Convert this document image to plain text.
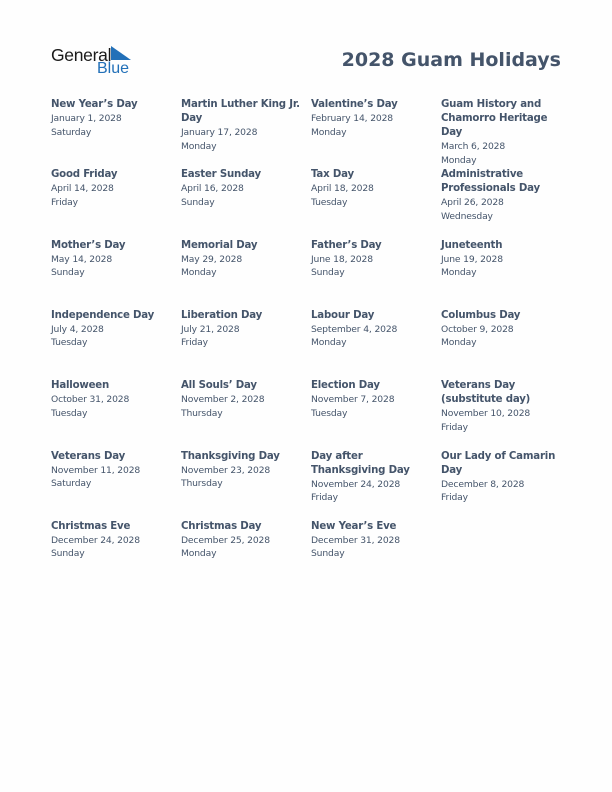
General
Blue	2028 Guam Holidays
New Year’s Day
January 1, 2028
Saturday
Martin Luther King Jr. Day
January 17, 2028
Monday
Valentine’s Day
February 14, 2028
Monday
Guam History and Chamorro Heritage Day
March 6, 2028
Monday
Good Friday
April 14, 2028
Friday
Easter Sunday
April 16, 2028
Sunday
Tax Day
April 18, 2028
Tuesday
Administrative Professionals Day
April 26, 2028
Wednesday
Mother’s Day
May 14, 2028
Sunday
Memorial Day
May 29, 2028
Monday
Father’s Day
June 18, 2028
Sunday
Juneteenth
June 19, 2028
Monday
Independence Day
July 4, 2028
Tuesday
Liberation Day
July 21, 2028
Friday
Labour Day
September 4, 2028
Monday
Columbus Day
October 9, 2028
Monday
Halloween
October 31, 2028
Tuesday
All Souls’ Day
November 2, 2028
Thursday
Election Day
November 7, 2028
Tuesday
Veterans Day (substitute day)
November 10, 2028
Friday
Veterans Day
November 11, 2028
Saturday
Thanksgiving Day
November 23, 2028
Thursday
Day after Thanksgiving Day
November 24, 2028
Friday
Our Lady of Camarin Day
December 8, 2028
Friday
Christmas Eve
December 24, 2028
Sunday
Christmas Day
December 25, 2028
Monday
New Year’s Eve
December 31, 2028
Sunday
